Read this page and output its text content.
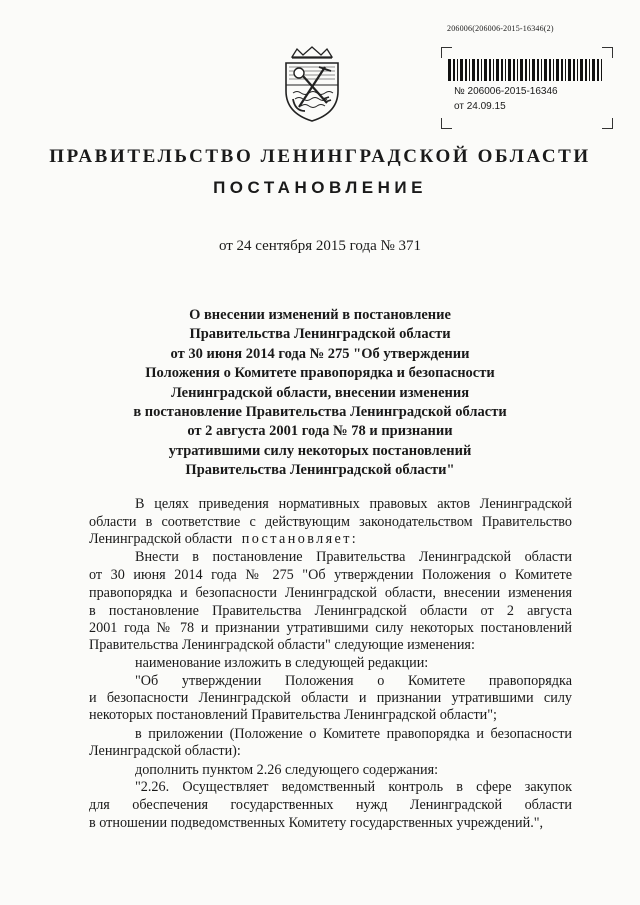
206006(206006-2015-16346(2)
№ 206006-2015-16346
от 24.09.15
ПРАВИТЕЛЬСТВО ЛЕНИНГРАДСКОЙ ОБЛАСТИ
ПОСТАНОВЛЕНИЕ
от 24 сентября 2015 года № 371
О внесении изменений в постановление
Правительства Ленинградской области
от 30 июня 2014 года № 275 "Об утверждении
Положения о Комитете правопорядка и безопасности
Ленинградской области, внесении изменения
в постановление Правительства Ленинградской области
от 2 августа 2001 года № 78 и признании
утратившими силу некоторых постановлений
Правительства Ленинградской области"
В целях приведения нормативных правовых актов Ленинградской
области в соответствие с действующим законодательством Правительство
Ленинградской области постановляет:
Внести в постановление Правительства Ленинградской области
от 30 июня 2014 года № 275 "Об утверждении Положения о Комитете
правопорядка и безопасности Ленинградской области, внесении изменения
в постановление Правительства Ленинградской области от 2 августа
2001 года № 78 и признании утратившими силу некоторых постановлений
Правительства Ленинградской области" следующие изменения:
наименование изложить в следующей редакции:
"Об утверждении Положения о Комитете правопорядка
и безопасности Ленинградской области и признании утратившими силу
некоторых постановлений Правительства Ленинградской области";
в приложении (Положение о Комитете правопорядка и безопасности
Ленинградской области):
дополнить пунктом 2.26 следующего содержания:
"2.26. Осуществляет ведомственный контроль в сфере закупок
для обеспечения государственных нужд Ленинградской области
в отношении подведомственных Комитету государственных учреждений.",
